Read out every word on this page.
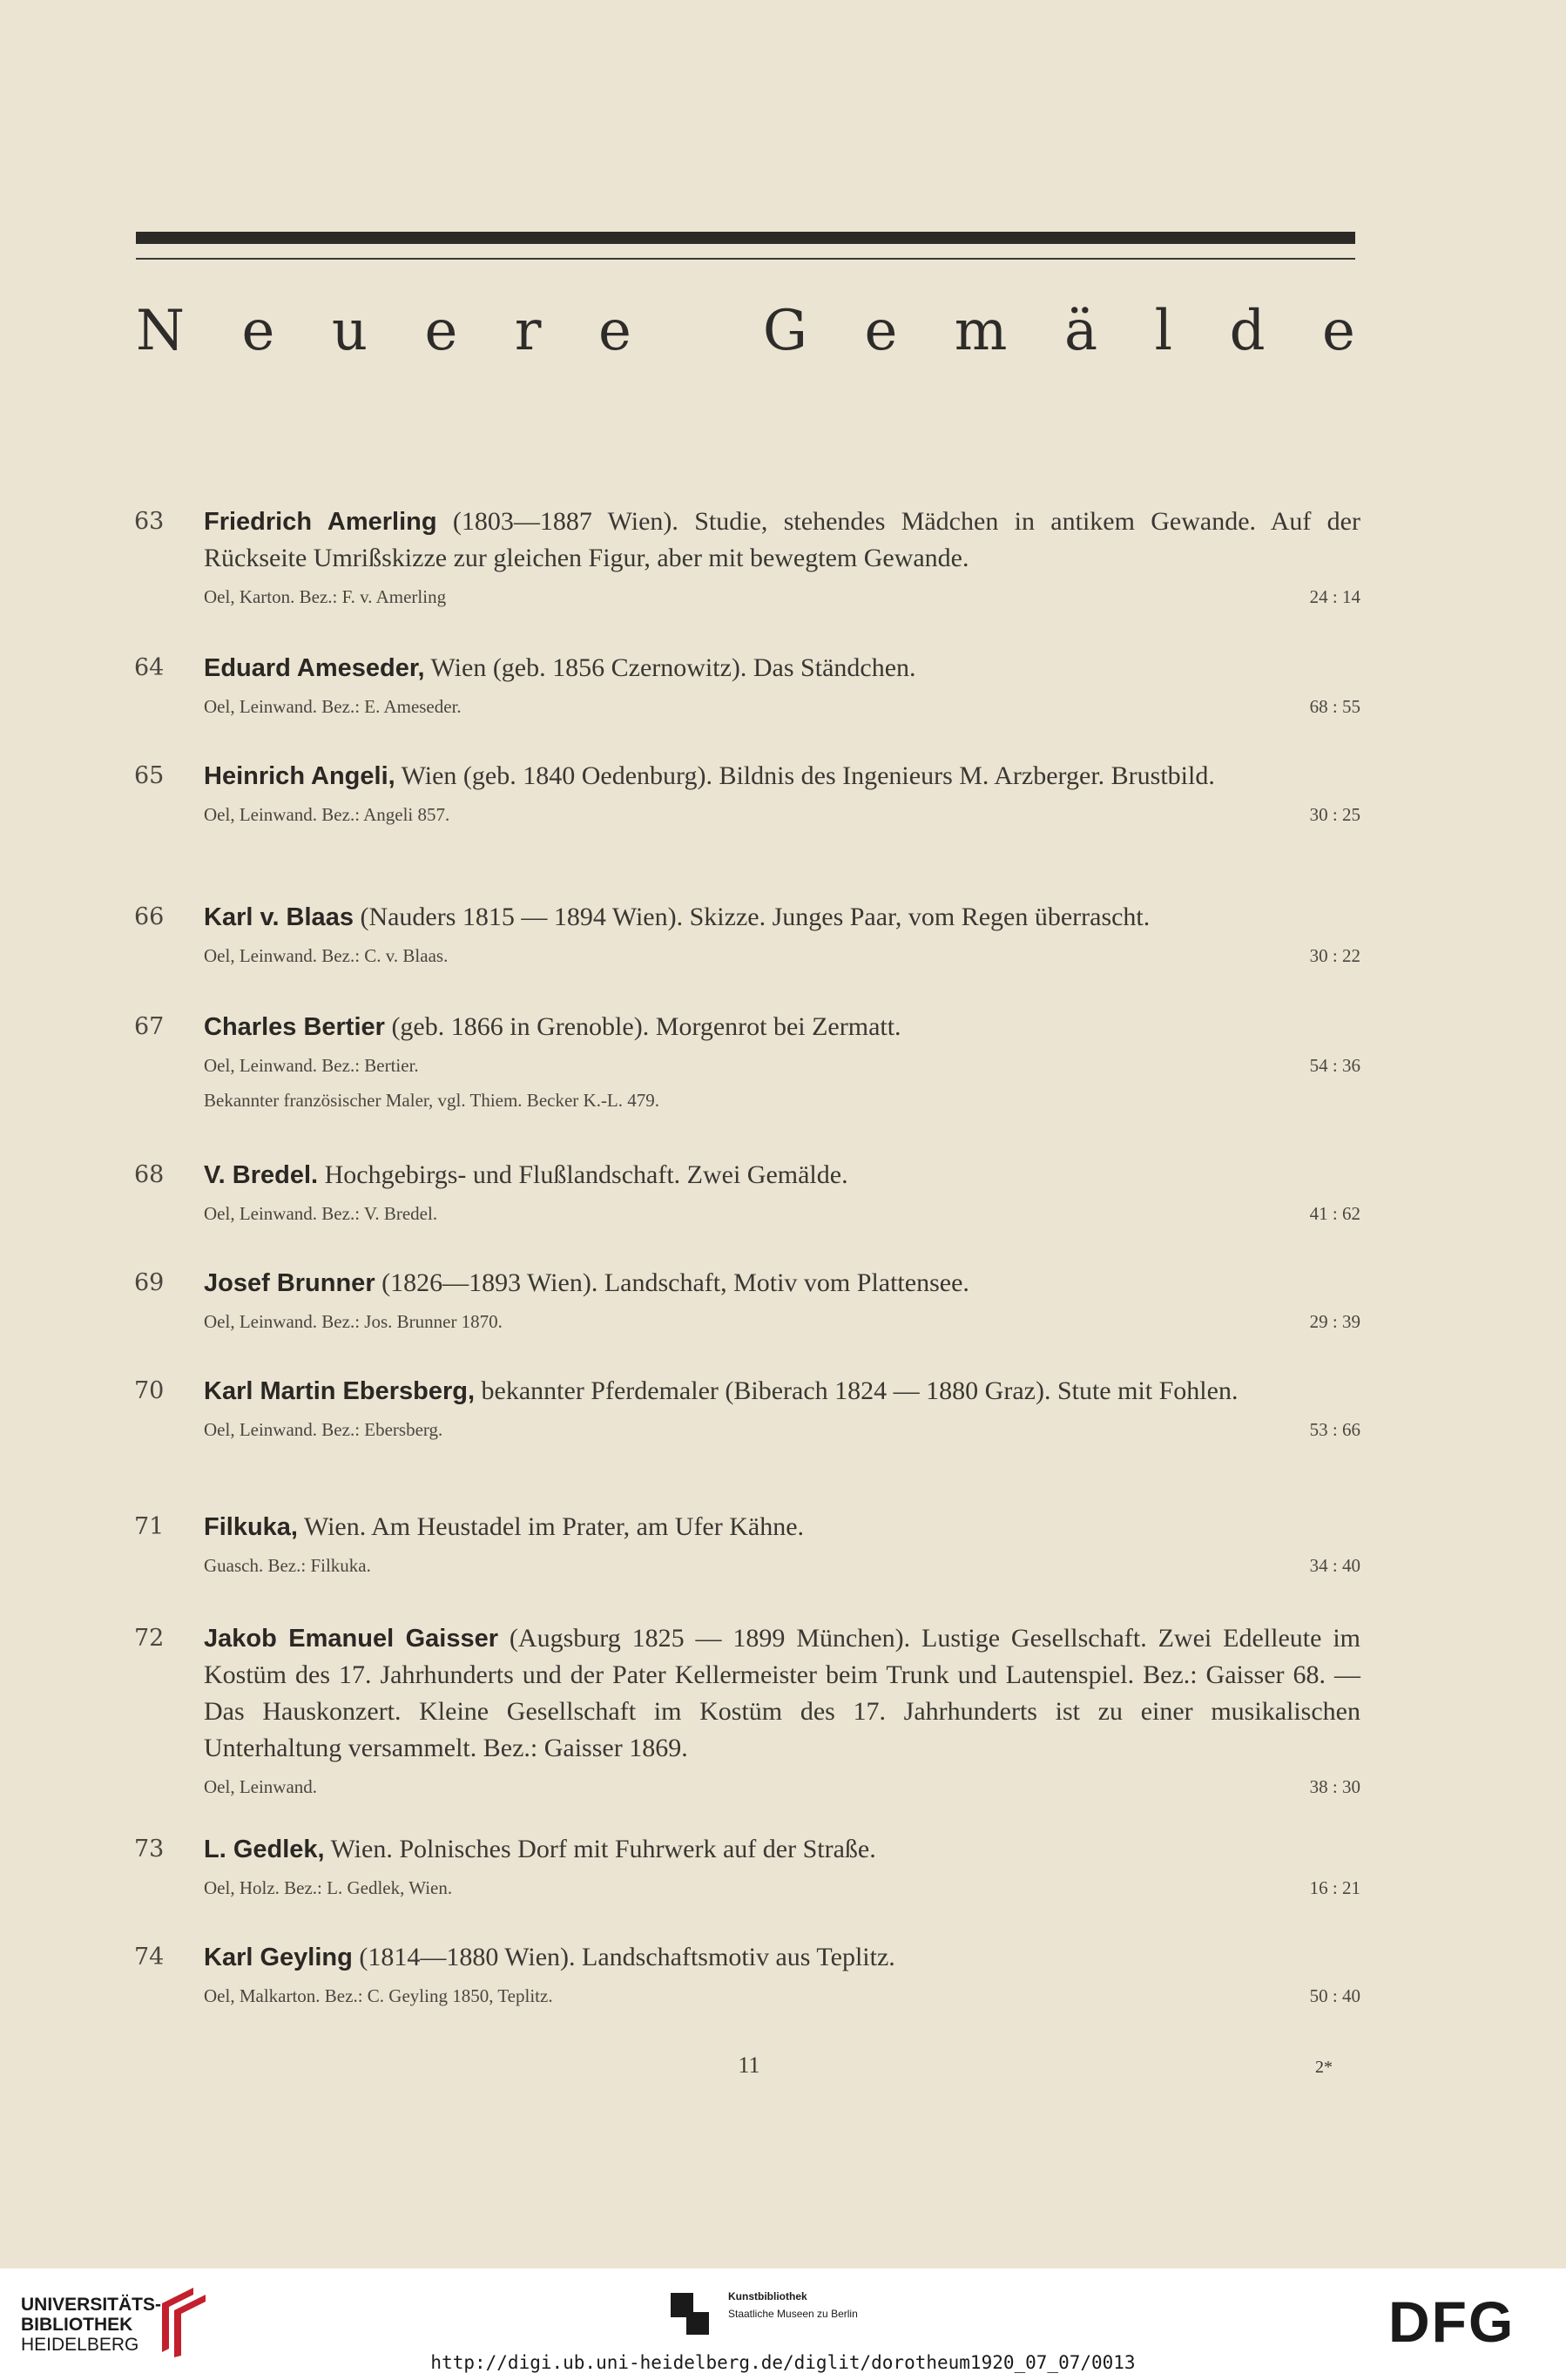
N e u e r e G e m ä l d e
63	Friedrich Amerling (1803—1887 Wien). Studie, stehendes Mädchen in antikem Gewande. Auf der Rückseite Umrißskizze zur gleichen Figur, aber mit bewegtem Gewande.
Oel, Karton. Bez.: F. v. Amerling	24 : 14
64	Eduard Ameseder, Wien (geb. 1856 Czernowitz). Das Ständchen.
Oel, Leinwand. Bez.: E. Ameseder.	68 : 55
65	Heinrich Angeli, Wien (geb. 1840 Oedenburg). Bildnis des Ingenieurs M. Arzberger. Brustbild.
Oel, Leinwand. Bez.: Angeli 857.	30 : 25
66	Karl v. Blaas (Nauders 1815 — 1894 Wien). Skizze. Junges Paar, vom Regen überrascht.
Oel, Leinwand. Bez.: C. v. Blaas.	30 : 22
67	Charles Bertier (geb. 1866 in Grenoble). Morgenrot bei Zermatt.
Oel, Leinwand. Bez.: Bertier.	54 : 36
Bekannter französischer Maler, vgl. Thiem. Becker K.-L. 479.
68	V. Bredel. Hochgebirgs- und Flußlandschaft. Zwei Gemälde.
Oel, Leinwand. Bez.: V. Bredel.	41 : 62
69	Josef Brunner (1826—1893 Wien). Landschaft, Motiv vom Plattensee.
Oel, Leinwand. Bez.: Jos. Brunner 1870.	29 : 39
70	Karl Martin Ebersberg, bekannter Pferdemaler (Biberach 1824 — 1880 Graz). Stute mit Fohlen.
Oel, Leinwand. Bez.: Ebersberg.	53 : 66
71	Filkuka, Wien. Am Heustadel im Prater, am Ufer Kähne.
Guasch. Bez.: Filkuka.	34 : 40
72	Jakob Emanuel Gaisser (Augsburg 1825 — 1899 München). Lustige Gesellschaft. Zwei Edelleute im Kostüm des 17. Jahrhunderts und der Pater Kellermeister beim Trunk und Lautenspiel. Bez.: Gaisser 68. — Das Hauskonzert. Kleine Gesellschaft im Kostüm des 17. Jahrhunderts ist zu einer musikalischen Unterhaltung versammelt. Bez.: Gaisser 1869.
Oel, Leinwand.	38 : 30
73	L. Gedlek, Wien. Polnisches Dorf mit Fuhrwerk auf der Straße.
Oel, Holz. Bez.: L. Gedlek, Wien.	16 : 21
74	Karl Geyling (1814—1880 Wien). Landschaftsmotiv aus Teplitz.
Oel, Malkarton. Bez.: C. Geyling 1850, Teplitz.	50 : 40
11	2*
UNIVERSITÄTS-
BIBLIOTHEK
HEIDELBERG
Kunstbibliothek
Staatliche Museen zu Berlin	DFG
http://digi.ub.uni-heidelberg.de/diglit/dorotheum1920_07_07/0013
